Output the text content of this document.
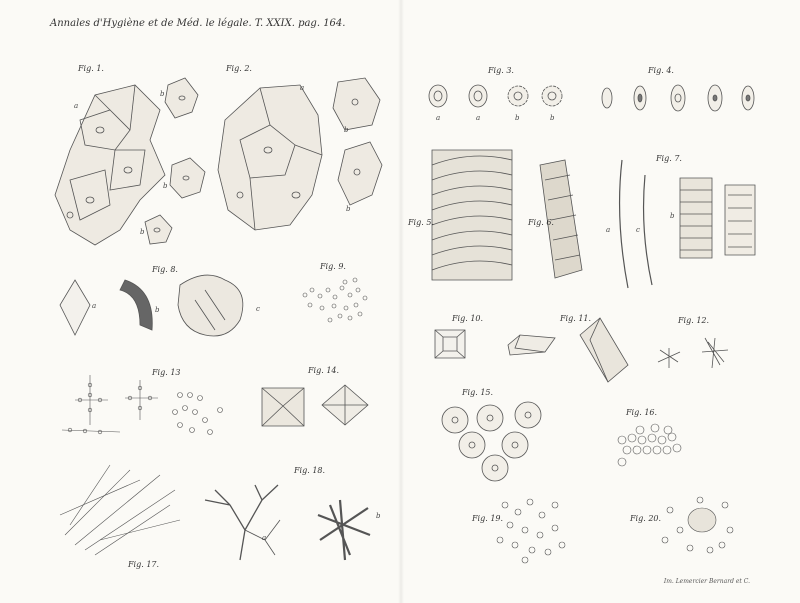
Annales d'Hygiène et de Méd. le légale. T. XXIX. pag. 164.
Fig. 1.	Fig. 2.	Fig. 3.	Fig. 4.
Fig. 5.	Fig. 6.
Fig. 7.
Fig. 8.	Fig. 9.
Fig. 10.	Fig. 11.	Fig. 12.
Fig. 13	Fig. 14.
Fig. 15.
Fig. 16.
Fig. 17.
Fig. 18.
Fig. 19.	Fig. 20.
a
b
b
b
a
b
b
a	a	b	b
a	c
b
a	b	c
a
b
Im. Lemercier Bernard et C.
